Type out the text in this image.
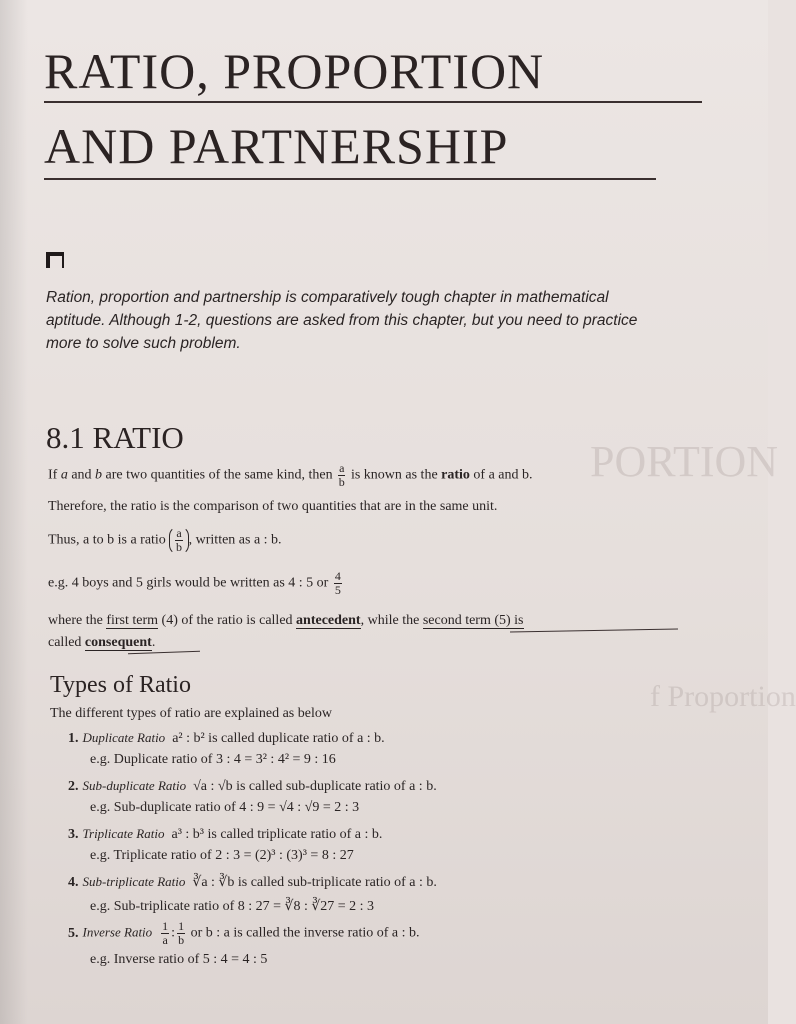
PORTION
f Proportion
RATIO, PROPORTION
AND PARTNERSHIP
Ration, proportion and partnership is comparatively tough chapter in mathematical aptitude. Although 1-2, questions are asked from this chapter, but you need to practice more to solve such problem.
8.1 RATIO
If a and b are two quantities of the same kind, then $\frac{a}{b}$ is known as the ratio of a and b.
Therefore, the ratio is the comparison of two quantities that are in the same unit.
Thus, a to b is a ratio $\frac{a}{b}$ , written as a : b.
e.g. 4 boys and 5 girls would be written as 4 : 5 or $\frac{4}{5}$
where the first term (4) of the ratio is called antecedent, while the second term (5) is
called consequent.
Types of Ratio
The different types of ratio are explained as below
1. Duplicate Ratio a² : b² is called duplicate ratio of a : b.
e.g. Duplicate ratio of 3 : 4 = 3² : 4² = 9 : 16
2. Sub-duplicate Ratio √a : √b is called sub-duplicate ratio of a : b.
e.g. Sub-duplicate ratio of 4 : 9 = √4 : √9 = 2 : 3
3. Triplicate Ratio a³ : b³ is called triplicate ratio of a : b.
e.g. Triplicate ratio of 2 : 3 = (2)³ : (3)³ = 8 : 27
4. Sub-triplicate Ratio ∛a : ∛b is called sub-triplicate ratio of a : b.
e.g. Sub-triplicate ratio of 8 : 27 = ∛8 : ∛27 = 2 : 3
5. Inverse Ratio $\frac{1}{a}$ : $\frac{1}{b}$ or b : a is called the inverse ratio of a : b.
e.g. Inverse ratio of 5 : 4 = 4 : 5
